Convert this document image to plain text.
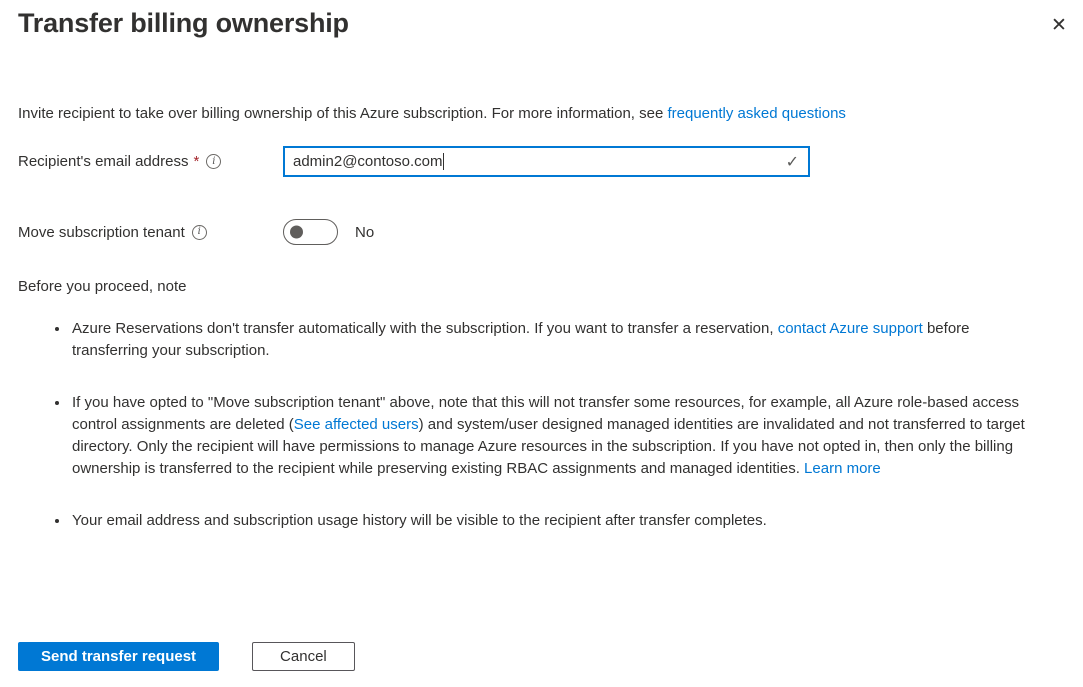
Transfer billing ownership	✕

Invite recipient to take over billing ownership of this Azure subscription. For more information, see frequently asked questions

Recipient's email address *	i	admin2@contoso.com	✓
Move subscription tenant	i	No

Before you proceed, note

• Azure Reservations don't transfer automatically with the subscription. If you want to transfer a reservation, contact Azure support before transferring your subscription.
• If you have opted to "Move subscription tenant" above, note that this will not transfer some resources, for example, all Azure role-based access control assignments are deleted (See affected users) and system/user designed managed identities are invalidated and not transferred to target directory. Only the recipient will have permissions to manage Azure resources in the subscription. If you have not opted in, then only the billing ownership is transferred to the recipient while preserving existing RBAC assignments and managed identities. Learn more
• Your email address and subscription usage history will be visible to the recipient after transfer completes.
Send transfer request	Cancel
